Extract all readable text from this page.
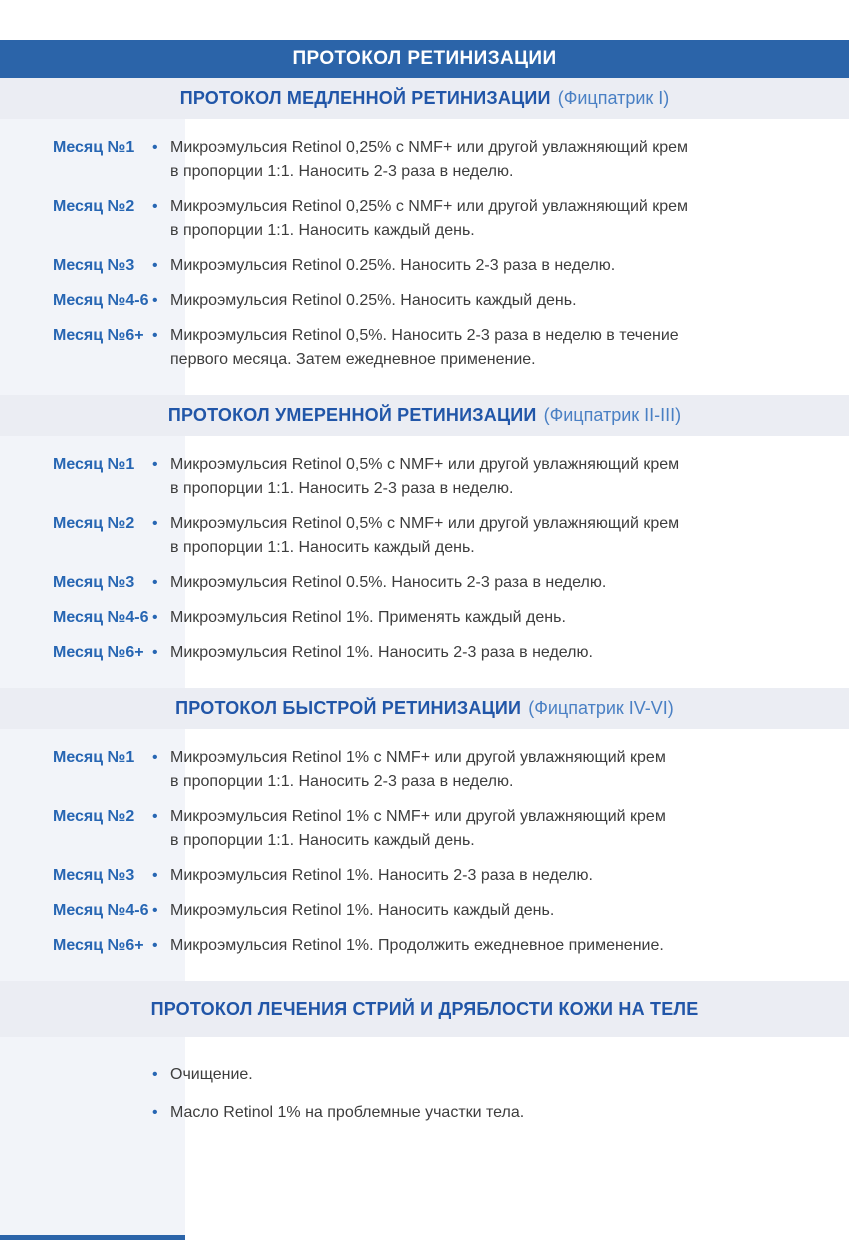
ПРОТОКОЛ РЕТИНИЗАЦИИ
ПРОТОКОЛ МЕДЛЕННОЙ РЕТИНИЗАЦИИ (Фицпатрик I)
Месяц №1	• Микроэмульсия Retinol 0,25% с NMF+ или другой увлажняющий крем
в пропорции 1:1. Наносить 2-3 раза в неделю.
Месяц №2	• Микроэмульсия Retinol 0,25% с NMF+ или другой увлажняющий крем
в пропорции 1:1. Наносить каждый день.
Месяц №3	• Микроэмульсия Retinol 0.25%. Наносить 2-3 раза в неделю.
Месяц №4-6 • Микроэмульсия Retinol 0.25%. Наносить каждый день.
Месяц №6+ • Микроэмульсия Retinol 0,5%. Наносить 2-3 раза в неделю в течение
первого месяца. Затем ежедневное применение.
ПРОТОКОЛ УМЕРЕННОЙ РЕТИНИЗАЦИИ (Фицпатрик II-III)
Месяц №1	• Микроэмульсия Retinol 0,5% с NMF+ или другой увлажняющий крем
в пропорции 1:1. Наносить 2-3 раза в неделю.
Месяц №2	• Микроэмульсия Retinol 0,5% с NMF+ или другой увлажняющий крем
в пропорции 1:1. Наносить каждый день.
Месяц №3	• Микроэмульсия Retinol 0.5%. Наносить 2-3 раза в неделю.
Месяц №4-6 • Микроэмульсия Retinol 1%. Применять каждый день.
Месяц №6+ • Микроэмульсия Retinol 1%. Наносить 2-3 раза в неделю.
ПРОТОКОЛ БЫСТРОЙ РЕТИНИЗАЦИИ (Фицпатрик IV-VI)
Месяц №1	• Микроэмульсия Retinol 1% с NMF+ или другой увлажняющий крем
в пропорции 1:1. Наносить 2-3 раза в неделю.
Месяц №2	• Микроэмульсия Retinol 1% с NMF+ или другой увлажняющий крем
в пропорции 1:1. Наносить каждый день.
Месяц №3	• Микроэмульсия Retinol 1%. Наносить 2-3 раза в неделю.
Месяц №4-6 • Микроэмульсия Retinol 1%. Наносить каждый день.
Месяц №6+ • Микроэмульсия Retinol 1%. Продолжить ежедневное применение.
ПРОТОКОЛ ЛЕЧЕНИЯ СТРИЙ И ДРЯБЛОСТИ КОЖИ НА ТЕЛЕ
• Очищение.
• Масло Retinol 1% на проблемные участки тела.
